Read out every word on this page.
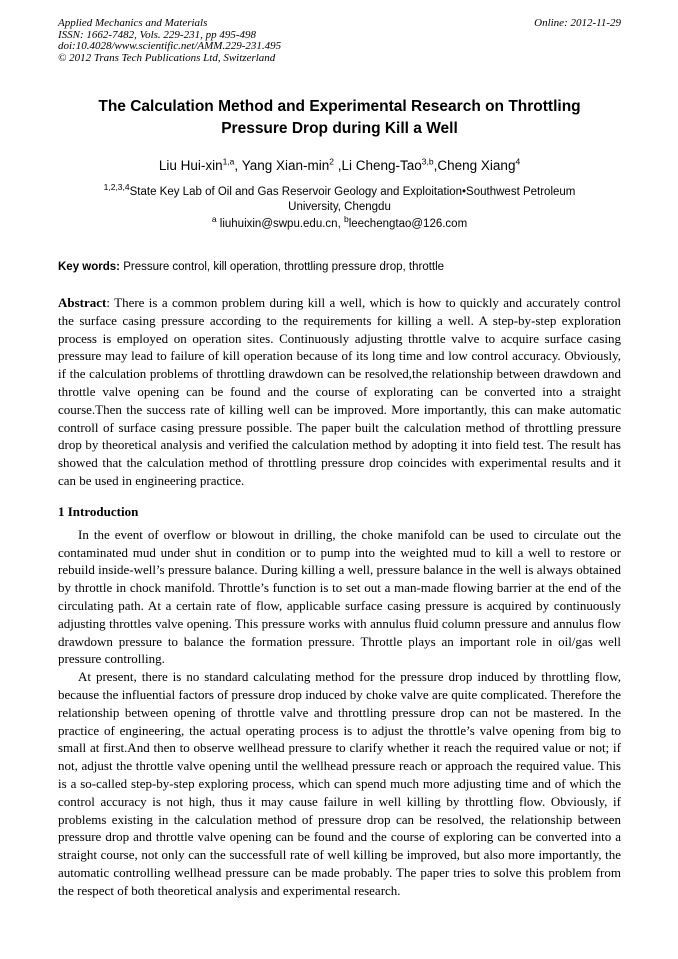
Applied Mechanics and Materials	Online: 2012-11-29
ISSN: 1662-7482, Vols. 229-231, pp 495-498
doi:10.4028/www.scientific.net/AMM.229-231.495
© 2012 Trans Tech Publications Ltd, Switzerland
The Calculation Method and Experimental Research on Throttling Pressure Drop during Kill a Well
Liu Hui-xin$^{1,a}$, Yang Xian-$\min^2$ ,Li Cheng-Tao$^{3,b}$,Cheng Xiang$^4$
$^{1,2,3,4}$State Key Lab of Oil and Gas Reservoir Geology and Exploitation•Southwest Petroleum University, Chengdu
$^a$ liuhuixin@swpu.edu.cn, $^b$leechengtao@126.com

Key words: Pressure control, kill operation, throttling pressure drop, throttle

Abstract: There is a common problem during kill a well, which is how to quickly and accurately control the surface casing pressure according to the requirements for killing a well. A step-by-step exploration process is employed on operation sites. Continuously adjusting throttle valve to acquire surface casing pressure may lead to failure of kill operation because of its long time and low control accuracy. Obviously, if the calculation problems of throttling drawdown can be resolved,the relationship between drawdown and throttle valve opening can be found and the course of explorating can be converted into a straight course.Then the success rate of killing well can be improved. More importantly, this can make automatic controll of surface casing pressure possible. The paper built the calculation method of throttling pressure drop by theoretical analysis and verified the calculation method by adopting it into field test. The result has showed that the calculation method of throttling pressure drop coincides with experimental results and it can be used in engineering practice.

1 Introduction

In the event of overflow or blowout in drilling, the choke manifold can be used to circulate out the contaminated mud under shut in condition or to pump into the weighted mud to kill a well to restore or rebuild inside-well’s pressure balance. During killing a well, pressure balance in the well is always obtained by throttle in chock manifold. Throttle’s function is to set out a man-made flowing barrier at the end of the circulating path. At a certain rate of flow, applicable surface casing pressure is acquired by continuously adjusting throttles valve opening. This pressure works with annulus fluid column pressure and annulus flow drawdown pressure to balance the formation pressure. Throttle plays an important role in oil/gas well pressure controlling.

At present, there is no standard calculating method for the pressure drop induced by throttling flow, because the influential factors of pressure drop induced by choke valve are quite complicated. Therefore the relationship between opening of throttle valve and throttling pressure drop can not be mastered. In the practice of engineering, the actual operating process is to adjust the throttle’s valve opening from big to small at first.And then to observe wellhead pressure to clarify whether it reach the required value or not; if not, adjust the throttle valve opening until the wellhead pressure reach or approach the required value. This is a so-called step-by-step exploring process, which can spend much more adjusting time and of which the control accuracy is not high, thus it may cause failure in well killing by throttling flow. Obviously, if problems existing in the calculation method of pressure drop can be resolved, the relationship between pressure drop and throttle valve opening can be found and the course of exploring can be converted into a straight course, not only can the successfull rate of well killing be improved, but also more importantly, the automatic controlling wellhead pressure can be made probably. The paper tries to solve this problem from the respect of both theoretical analysis and experimental research.
